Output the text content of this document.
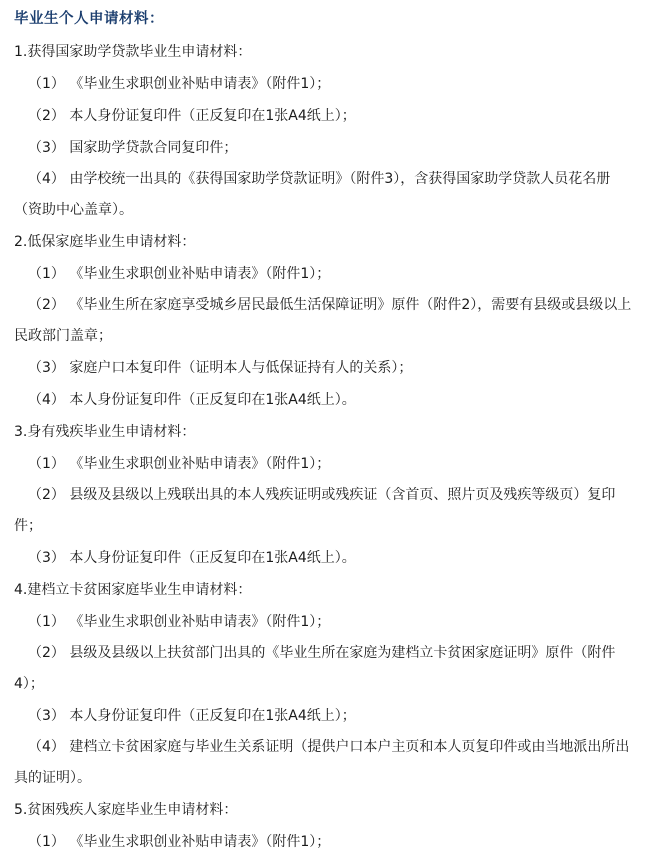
毕业生个人申请材料：
1.获得国家助学贷款毕业生申请材料：
（1） 《毕业生求职创业补贴申请表》（附件1）；
（2） 本人身份证复印件（正反复印在1张A4纸上）；
（3） 国家助学贷款合同复印件；
（4） 由学校统一出具的《获得国家助学贷款证明》（附件3），含获得国家助学贷款人员花名册（资助中心盖章）。
2.低保家庭毕业生申请材料：
（1） 《毕业生求职创业补贴申请表》（附件1）；
（2） 《毕业生所在家庭享受城乡居民最低生活保障证明》原件（附件2），需要有县级或县级以上民政部门盖章；
（3） 家庭户口本复印件（证明本人与低保证持有人的关系）；
（4） 本人身份证复印件（正反复印在1张A4纸上）。
3.身有残疾毕业生申请材料：
（1） 《毕业生求职创业补贴申请表》（附件1）；
（2） 县级及县级以上残联出具的本人残疾证明或残疾证（含首页、照片页及残疾等级页）复印件；
（3） 本人身份证复印件（正反复印在1张A4纸上）。
4.建档立卡贫困家庭毕业生申请材料：
（1） 《毕业生求职创业补贴申请表》（附件1）；
（2） 县级及县级以上扶贫部门出具的《毕业生所在家庭为建档立卡贫困家庭证明》原件（附件4）；
（3） 本人身份证复印件（正反复印在1张A4纸上）；
（4） 建档立卡贫困家庭与毕业生关系证明（提供户口本户主页和本人页复印件或由当地派出所出具的证明）。
5.贫困残疾人家庭毕业生申请材料：
（1） 《毕业生求职创业补贴申请表》（附件1）；
